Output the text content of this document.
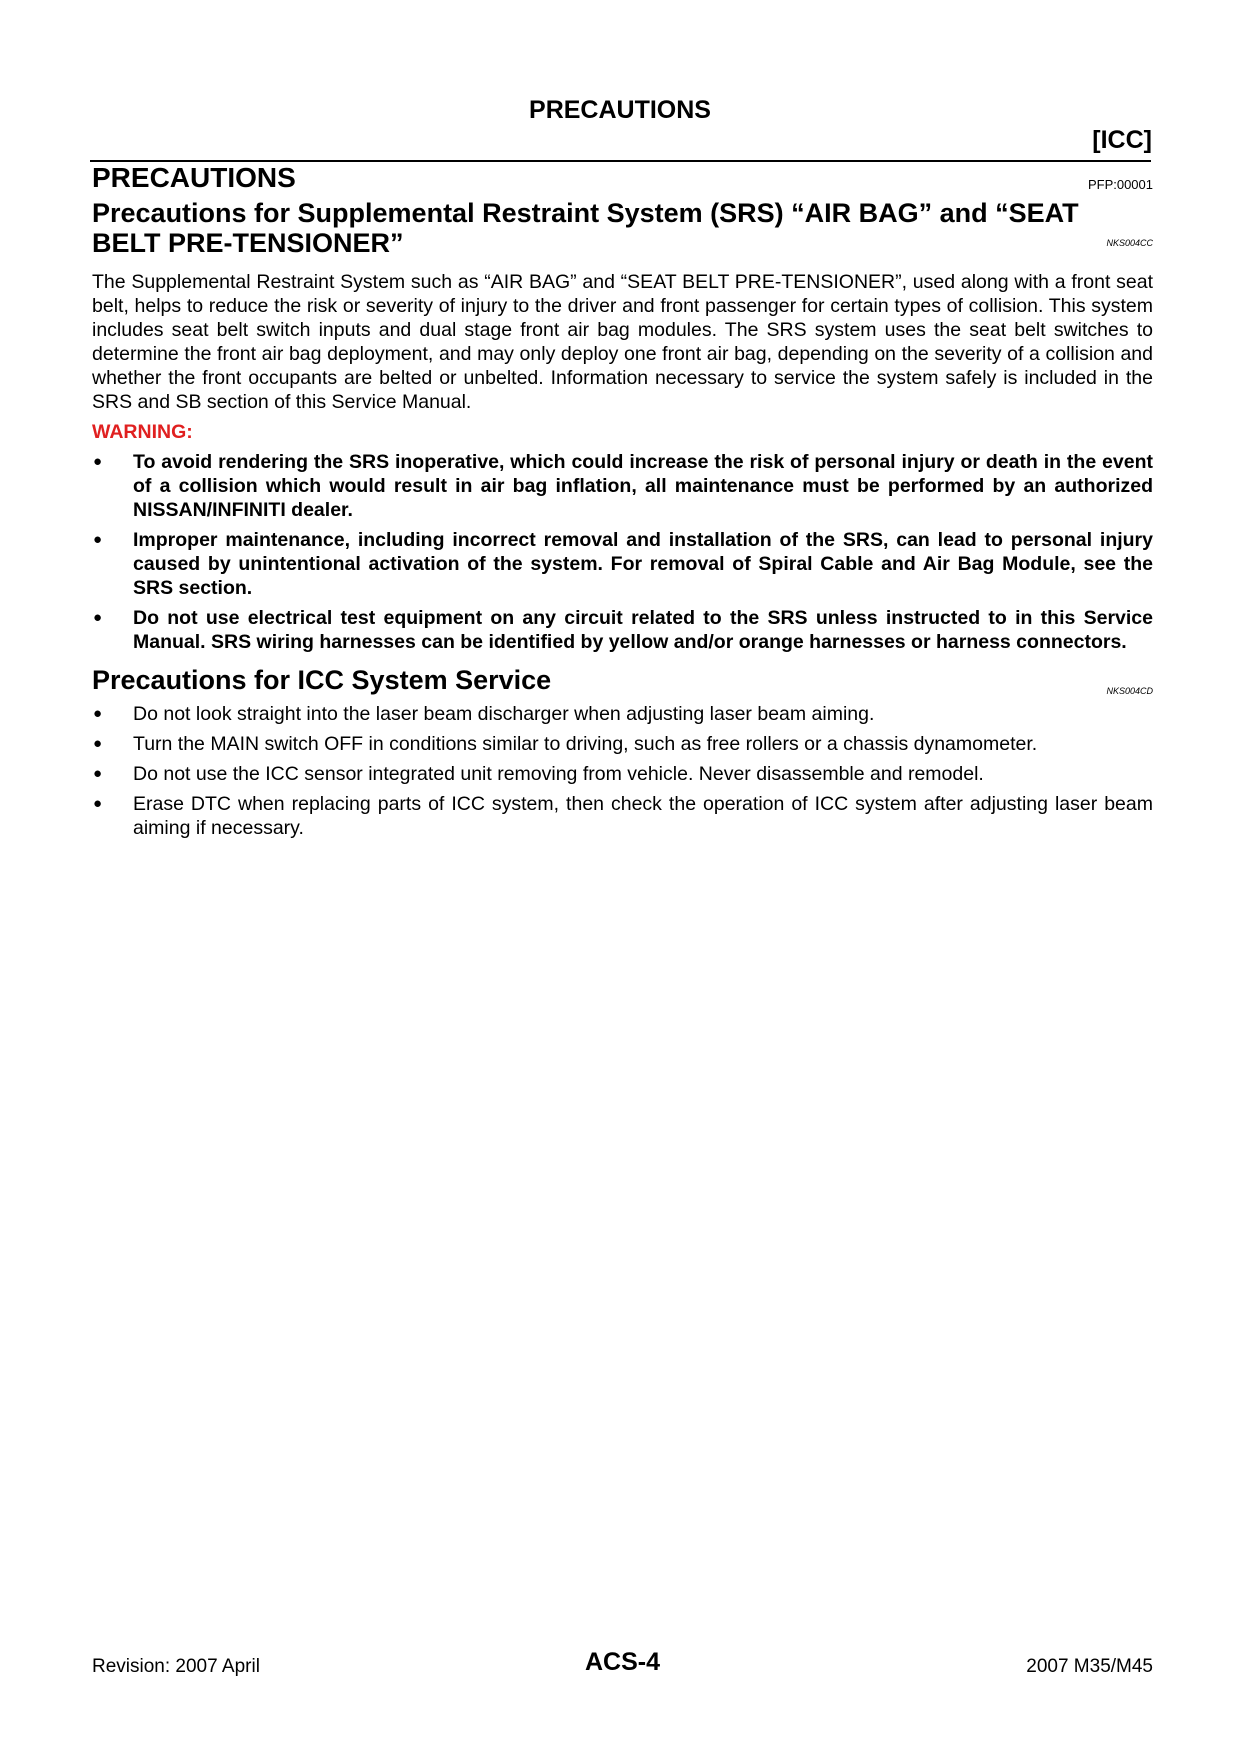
PRECAUTIONS
[ICC]
PRECAUTIONS	PFP:00001
Precautions for Supplemental Restraint System (SRS) “AIR BAG” and “SEAT
BELT PRE-TENSIONER”	NKS004CC
The Supplemental Restraint System such as “AIR BAG” and “SEAT BELT PRE-TENSIONER”, used along with a front seat belt, helps to reduce the risk or severity of injury to the driver and front passenger for certain types of collision. This system includes seat belt switch inputs and dual stage front air bag modules. The SRS system uses the seat belt switches to determine the front air bag deployment, and may only deploy one front air bag, depending on the severity of a collision and whether the front occupants are belted or unbelted. Information necessary to service the system safely is included in the SRS and SB section of this Service Manual.
WARNING:
● To avoid rendering the SRS inoperative, which could increase the risk of personal injury or death in the event of a collision which would result in air bag inflation, all maintenance must be performed by an authorized NISSAN/INFINITI dealer.
● Improper maintenance, including incorrect removal and installation of the SRS, can lead to personal injury caused by unintentional activation of the system. For removal of Spiral Cable and Air Bag Module, see the SRS section.
● Do not use electrical test equipment on any circuit related to the SRS unless instructed to in this Service Manual. SRS wiring harnesses can be identified by yellow and/or orange harnesses or harness connectors.
Precautions for ICC System Service	NKS004CD
● Do not look straight into the laser beam discharger when adjusting laser beam aiming.
● Turn the MAIN switch OFF in conditions similar to driving, such as free rollers or a chassis dynamometer.
● Do not use the ICC sensor integrated unit removing from vehicle. Never disassemble and remodel.
● Erase DTC when replacing parts of ICC system, then check the operation of ICC system after adjusting laser beam aiming if necessary.
Revision: 2007 April	ACS-4	2007 M35/M45
